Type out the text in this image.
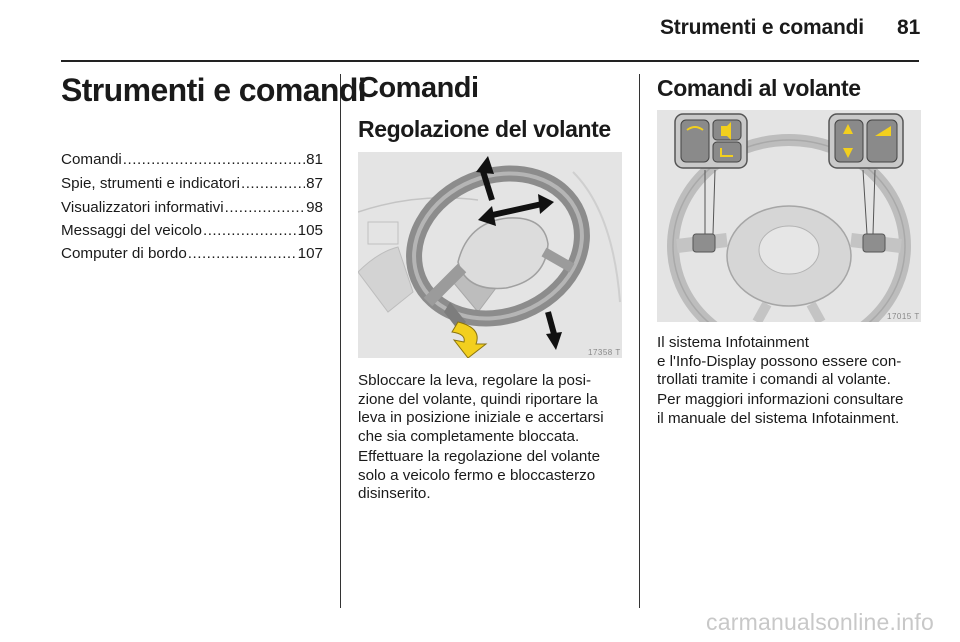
Strumenti e comandi 81
Strumenti e comandi
Comandi .....	81
Spie, strumenti e indicatori .....	87
Visualizzatori informativi .....	98
Messaggi del veicolo .....	105
Computer di bordo .....	107
Comandi
Regolazione del volante
17358 T
Sbloccare la leva, regolare la posi-
zione del volante, quindi riportare la
leva in posizione iniziale e accertarsi
che sia completamente bloccata.
Effettuare la regolazione del volante
solo a veicolo fermo e bloccasterzo
disinserito.
Comandi al volante
17015 T
Il sistema Infotainment
e l'Info-Display possono essere con-
trollati tramite i comandi al volante.
Per maggiori informazioni consultare
il manuale del sistema Infotainment.
carmanualsonline.info
